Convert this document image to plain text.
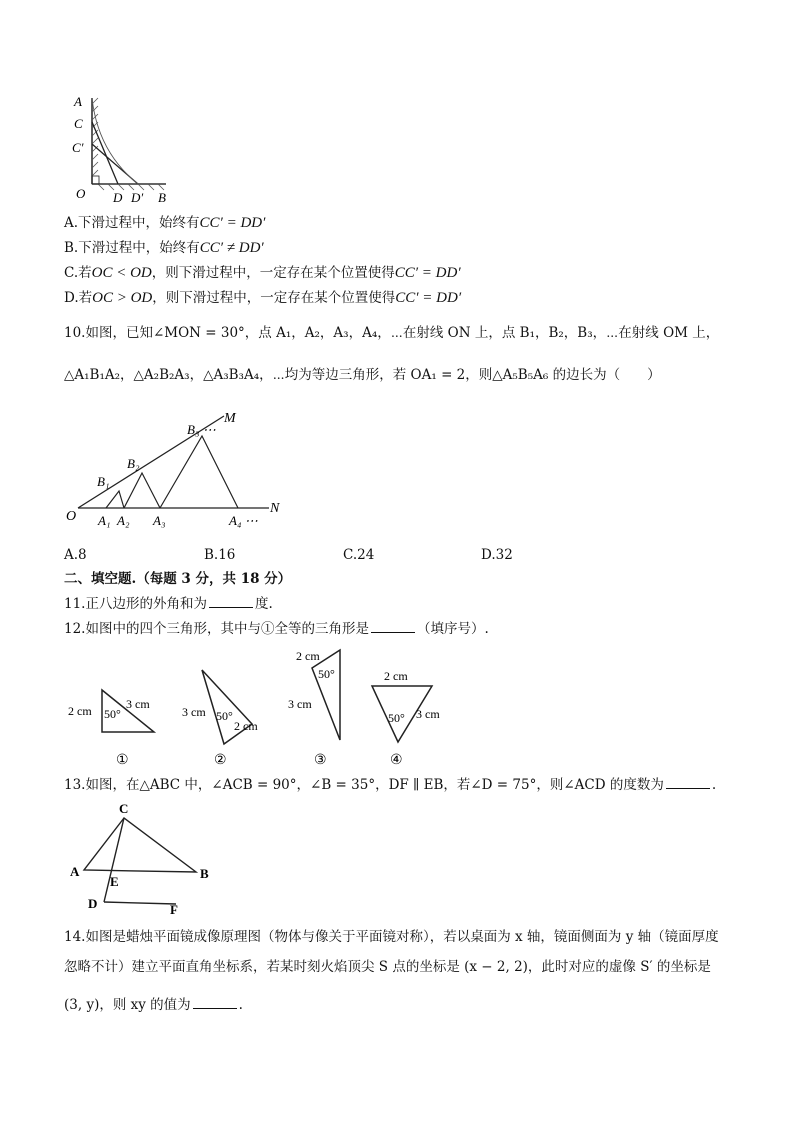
A
C
C′
O D D′ B
A.下滑过程中，始终有CC′ = DD′
B.下滑过程中，始终有CC′ ≠ DD′
C.若OC < OD，则下滑过程中，一定存在某个位置使得CC′ = DD′
D.若OC > OD，则下滑过程中，一定存在某个位置使得CC′ = DD′
10.如图，已知∠MON = 30°，点 A₁，A₂，A₃，A₄，⋯在射线 ON 上，点 B₁，B₂，B₃，⋯在射线 OM 上，
△A₁B₁A₂，△A₂B₂A₃，△A₃B₃A₄，⋯均为等边三角形，若 OA₁ = 2，则△A₅B₅A₆ 的边长为（　　）
O
N
M
B₁
B₂
B₃ ⋯
A₁ A₂ A₃	A₄ ⋯
A.8	B.16	C.24	D.32
二、填空题.（每题 3 分，共 18 分）
11.正八边形的外角和为	度.
12.如图中的四个三角形，其中与①全等的三角形是	（填序号）.
2 cm 50°
3 cm
①
3 cm 50°
2 cm
②
2 cm
50°
3 cm
③
2 cm
50° 3 cm
④
13.如图，在△ABC 中，∠ACB = 90°，∠B = 35°，DF ∥ EB，若∠D = 75°，则∠ACD 的度数为	.
C
A	B
E
D	F
14.如图是蜡烛平面镜成像原理图（物体与像关于平面镜对称），若以桌面为 x 轴，镜面侧面为 y 轴（镜面厚度
忽略不计）建立平面直角坐标系，若某时刻火焰顶尖 S 点的坐标是 (x − 2, 2)，此时对应的虚像 S′ 的坐标是
(3, y)，则 xy 的值为	.
